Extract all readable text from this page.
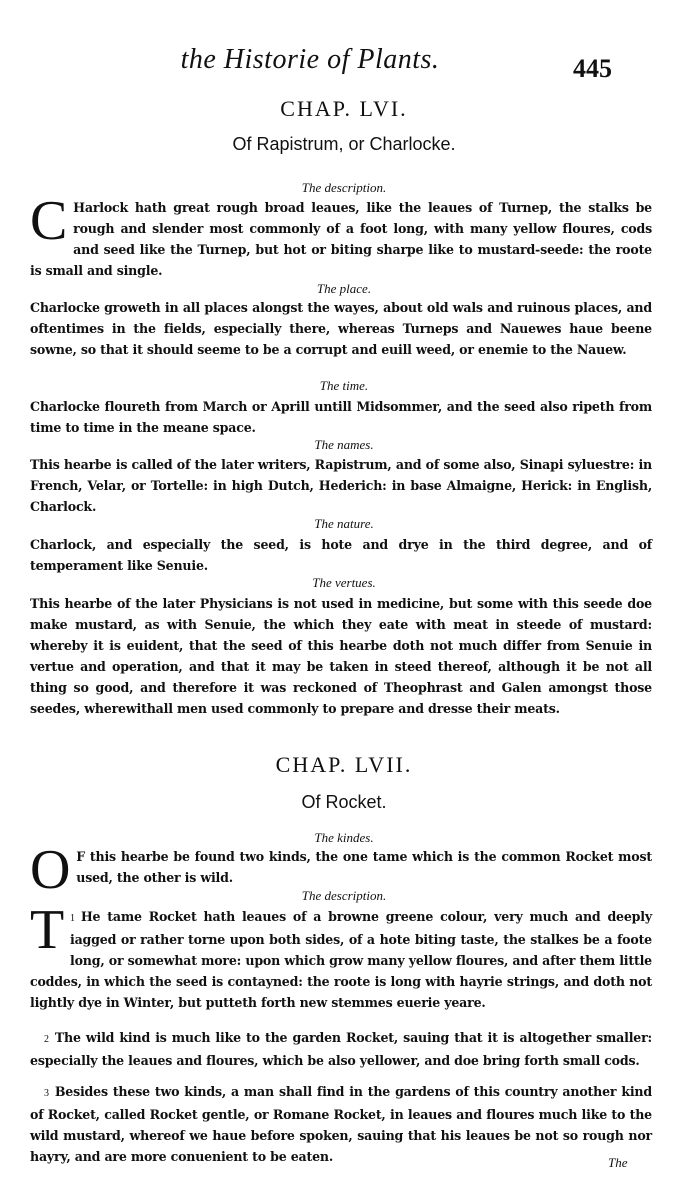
the Historie of Plants.	445
CHAP. LVI.
Of Rapistrum, or Charlocke.
The description.

C Harlock hath great rough broad leaues, like the leaues of Turnep, the stalks be rough and slender most commonly of a foot long, with many yellow floures, cods and seed like the Turnep, but hot or biting sharpe like to mustard-seede: the roote is small and single.

The place.

Charlocke groweth in all places alongst the wayes, about old wals and ruinous places, and oftentimes in the fields, especially there, whereas Turneps and Nauewes haue beene sowne, so that it should seeme to be a corrupt and euill weed, or enemie to the Nauew.

The time.

Charlocke floureth from March or Aprill untill Midsommer, and the seed also ripeth from time to time in the meane space.

The names.

This hearbe is called of the later writers, Rapistrum, and of some also, Sinapi syluestre: in French, Velar, or Tortelle: in high Dutch, Hederich: in base Almaigne, Herick: in English, Charlock.

The nature.

Charlock, and especially the seed, is hote and drye in the third degree, and of temperament like Senuie.

The vertues.

This hearbe of the later Physicians is not used in medicine, but some with this seede doe make mustard, as with Senuie, the which they eate with meat in steede of mustard: whereby it is euident, that the seed of this hearbe doth not much differ from Senuie in vertue and operation, and that it may be taken in steed thereof, although it be not all thing so good, and therefore it was reckoned of Theophrast and Galen amongst those seedes, wherewithall men used commonly to prepare and dresse their meats.

CHAP. LVII.
Of Rocket.
The kindes.

O F this hearbe be found two kinds, the one tame which is the common Rocket most used, the other is wild.

The description.

1
T He tame Rocket hath leaues of a browne greene colour, very much and deeply iagged or rather torne upon both sides, of a hote biting taste, the stalkes be a foote long, or somewhat more: upon which grow many yellow floures, and after them little coddes, in which the seed is contayned: the roote is long with hayrie strings, and doth not lightly dye in Winter, but putteth forth new stemmes euerie yeare.

2 The wild kind is much like to the garden Rocket, sauing that it is altogether smaller: especially the leaues and floures, which be also yellower, and doe bring forth small cods.

3 Besides these two kinds, a man shall find in the gardens of this country another kind of Rocket, called Rocket gentle, or Romane Rocket, in leaues and floures much like to the wild mustard, whereof we haue before spoken, sauing that his leaues be not so rough nor hayry, and are more conuenient to be eaten.	The
